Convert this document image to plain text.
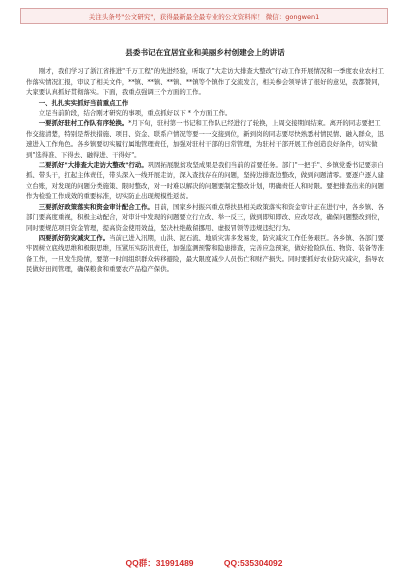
关注头条号"公文研究"，获得最新最全最专业的公文资料库！ 微信：gongwen1
县委书记在宜居宜业和美丽乡村创建会上的讲话
刚才，我们学习了浙江省推进"千万工程"的先进经验，听取了"大走访大排查大整改"行动工作开展情况和一季度农业农村工作落实情况汇报，审议了相关文件，**镇、**镇、**镇、**镇等个镇作了交流发言，相关参会领导讲了很好的意见，我都赞同，大家要认真抓好贯彻落实。下面，我重点强调三个方面的工作。
一、扎扎实实抓好当前重点工作
立足当前阶段，结合刚才研究的事项，重点抓好以下 * 个方面工作。
一要抓好驻村工作队有序轮换。*月下旬，驻村第一书记和工作队已经进行了轮换，上周交接期间结束。离开的同志要把工作交接清楚，特别是帮扶措施、项目、资金、联系户情况等要一一交接到位，新到岗的同志要尽快熟悉村情民情、融入群众，迅速进入工作角色。各乡镇要切实履行属地管理责任，加强对驻村干部的日常管理，为驻村干部开展工作创造良好条件，切实做到"选得准、下得去、融得进、干得好"。
二要抓好"大排查大走访大整改"行动。巩固拓展脱贫攻坚成果是我们当前的首要任务。部门"一把手"、乡镇党委书记要亲自抓、带头干，扛起主体责任，带头深入一线开展走访，深入查找存在的问题，坚持边排查边整改，做到问题清零。要逐户逐人建立台账，对发现的问题分类施策、限时整改，对一时难以解决的问题要制定整改计划，明确责任人和时限。要把排查出来的问题作为检验工作成效的重要标准，切实防止出现规模性返贫。
三要抓好政策落实和资金审计配合工作。目前，国家乡村振兴重点帮扶县相关政策落实和资金审计正在进行中，各乡镇、各部门要高度重视，积极主动配合，对审计中发现的问题要立行立改、举一反三，做到即知即改、应改尽改，确保问题整改到位，同时要规范项目资金管理，提高资金使用效益，坚决杜绝截留挪用、虚报冒领等违规违纪行为。
四要抓好防灾减灾工作。当前已进入汛期，山洪、泥石流、地质灾害多发易发，防灾减灾工作任务艰巨。各乡镇、各部门要牢固树立底线思维和极限思维，压紧压实防汛责任，加强监测预警和隐患排查，完善应急预案，做好抢险队伍、物资、装备等准备工作，一旦发生险情，要第一时间组织群众转移避险，最大限度减少人员伤亡和财产损失。同时要抓好农业防灾减灾，指导农民做好田间管理，确保粮食和重要农产品稳产保供。
QQ群：31991489	QQ:535304092
